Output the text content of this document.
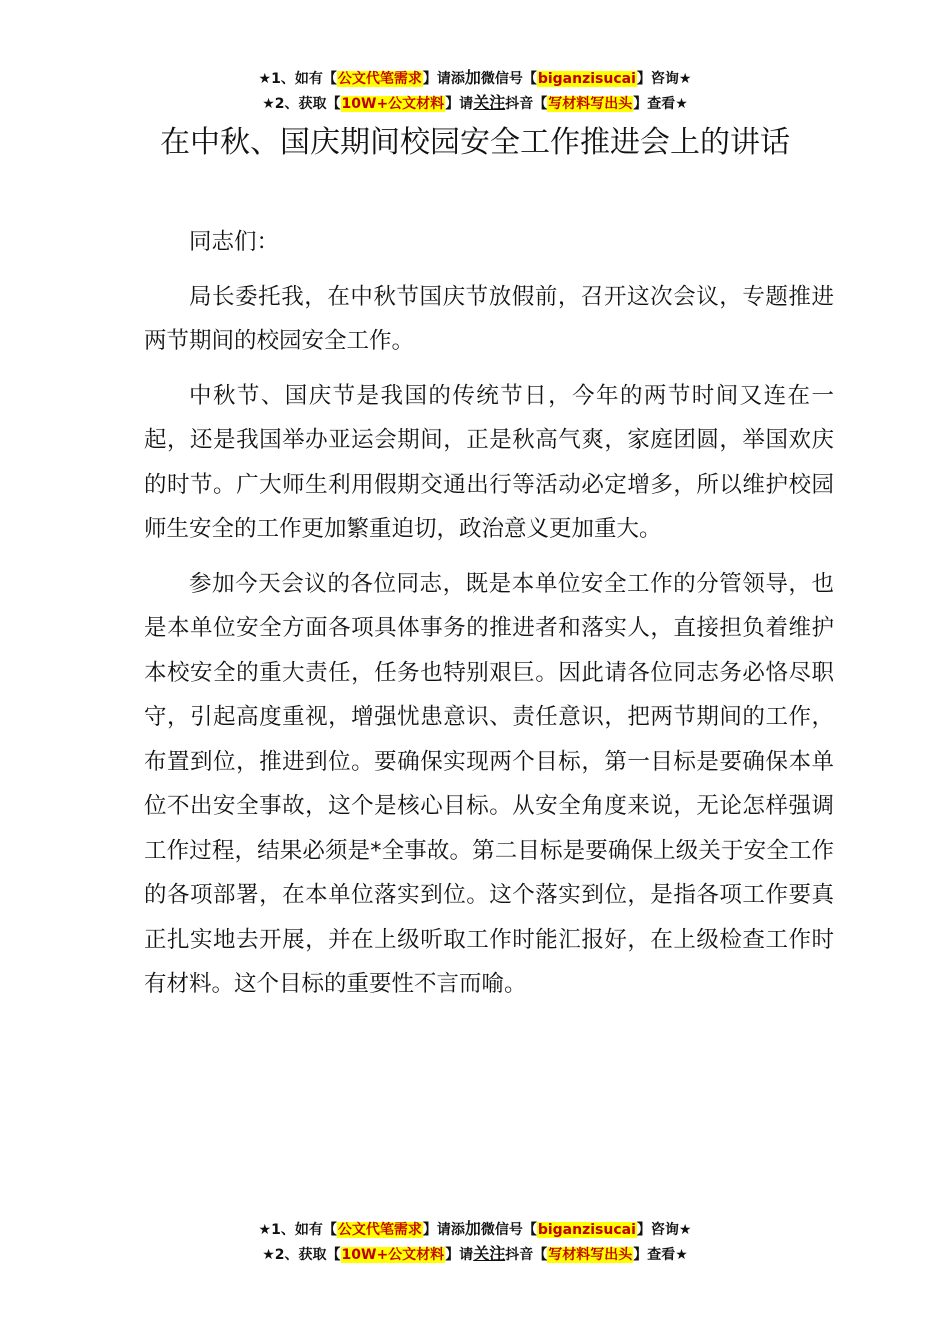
★1、如有【公文代笔需求】请添加微信号【biganzisucai】咨询★
★2、获取【10W+公文材料】请关注抖音【写材料写出头】查看★
在中秋、国庆期间校园安全工作推进会上的讲话

同志们：

局长委托我，在中秋节国庆节放假前，召开这次会议，专题推进两节期间的校园安全工作。

中秋节、国庆节是我国的传统节日，今年的两节时间又连在一起，还是我国举办亚运会期间，正是秋高气爽，家庭团圆，举国欢庆的时节。广大师生利用假期交通出行等活动必定增多，所以维护校园师生安全的工作更加繁重迫切，政治意义更加重大。

参加今天会议的各位同志，既是本单位安全工作的分管领导，也是本单位安全方面各项具体事务的推进者和落实人，直接担负着维护本校安全的重大责任，任务也特别艰巨。因此请各位同志务必恪尽职守，引起高度重视，增强忧患意识、责任意识，把两节期间的工作，布置到位，推进到位。要确保实现两个目标，第一目标是要确保本单位不出安全事故，这个是核心目标。从安全角度来说，无论怎样强调工作过程，结果必须是*全事故。第二目标是要确保上级关于安全工作的各项部署，在本单位落实到位。这个落实到位，是指各项工作要真正扎实地去开展，并在上级听取工作时能汇报好，在上级检查工作时有材料。这个目标的重要性不言而喻。

★1、如有【公文代笔需求】请添加微信号【biganzisucai】咨询★
★2、获取【10W+公文材料】请关注抖音【写材料写出头】查看★
